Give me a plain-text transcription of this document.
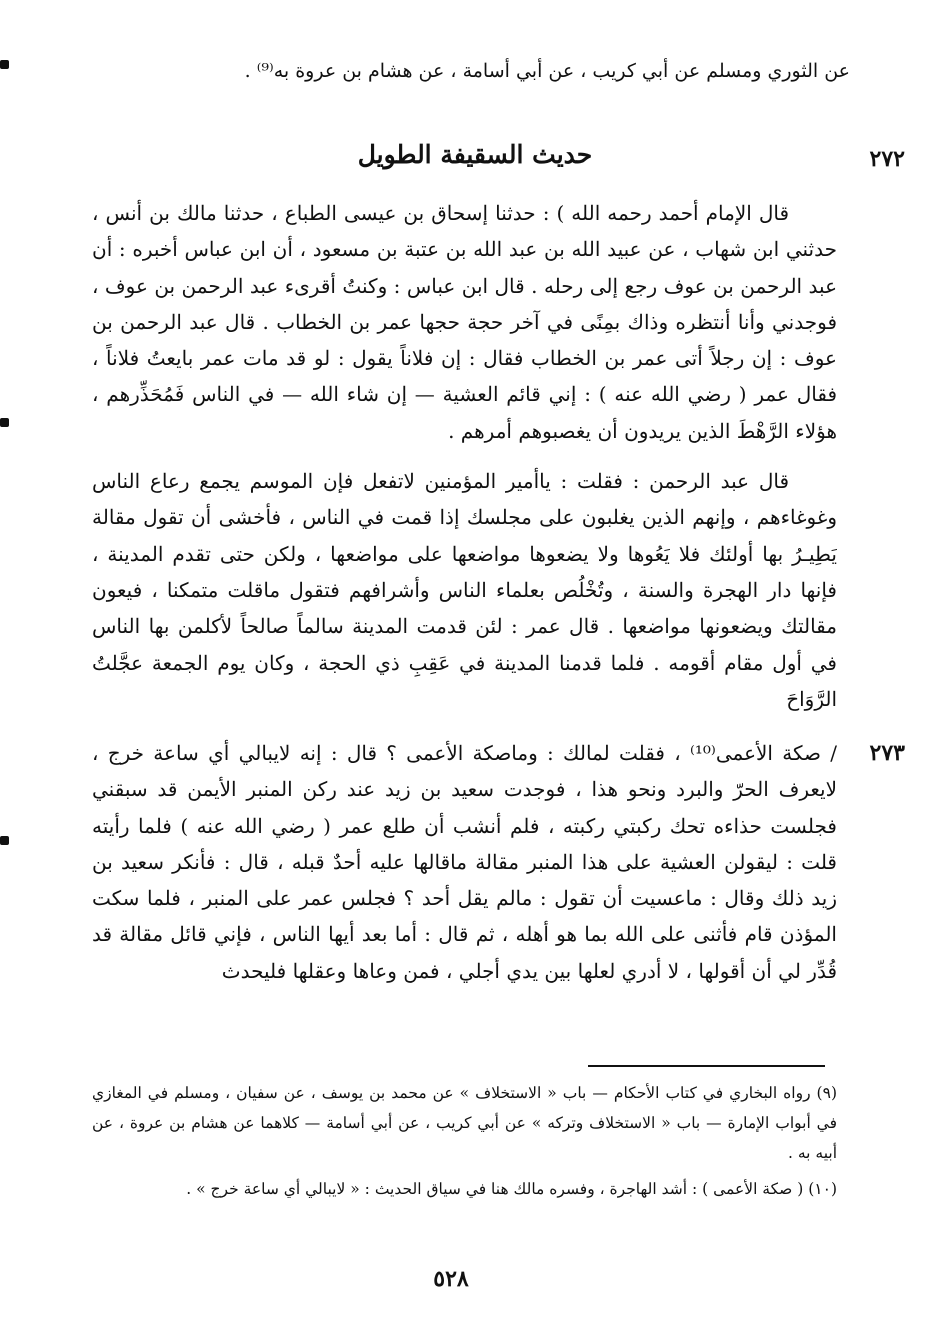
عن الثوري ومسلم عن أبي كريب ، عن أبي أسامة ، عن هشام بن عروة به⁽⁹⁾ .
٢٧٢
حديث السقيفة الطويل

قال الإمام أحمد رحمه الله ) : حدثنا إسحاق بن عيسى الطباع ، حدثنا مالك بن أنس ، حدثني ابن شهاب ، عن عبيد الله بن عبد الله بن عتبة بن مسعود ، أن ابن عباس أخبره : أن عبد الرحمن بن عوف رجع إلى رحله . قال ابن عباس : وكنتُ أقرىء عبد الرحمن بن عوف ، فوجدني وأنا أنتظره وذاك بمِنًى في آخر حجة حجها عمر بن الخطاب . قال عبد الرحمن بن عوف : إن رجلاً أتى عمر بن الخطاب فقال : إن فلاناً يقول : لو قد مات عمر بايعتُ فلاناً ، فقال عمر ( رضي الله عنه ) : إني قائم العشية — إن شاء الله — في الناس فَمُحَذِّرهم ، هؤلاء الرَّهْطَ الذين يريدون أن يغصبوهم أمرهم .

قال عبد الرحمن : فقلت : ياأمير المؤمنين لاتفعل فإن الموسم يجمع رعاع الناس وغوغاءهم ، وإنهم الذين يغلبون على مجلسك إذا قمت في الناس ، فأخشى أن تقول مقالة يَطِيـرُ بها أولئك فلا يَعُوها ولا يضعوها مواضعها على مواضعها ، ولكن حتى تقدم المدينة ، فإنها دار الهجرة والسنة ، وتُخْلُص بعلماء الناس وأشرافهم فتقول ماقلت متمكنا ، فيعون مقالتك ويضعونها مواضعها . قال عمر : لئن قدمت المدينة سالماً صالحاً لأكلمن بها الناس في أول مقام أقومه . فلما قدمنا المدينة في عَقِبِ ذي الحجة ، وكان يوم الجمعة عجَّلتُ الرَّوَاحَ

٢٧٣

/ صكة الأعمى⁽¹⁰⁾ ، فقلت لمالك : وماصكة الأعمى ؟ قال : إنه لايبالي أي ساعة خرج ، لايعرف الحرّ والبرد ونحو هذا ، فوجدت سعيد بن زيد عند ركن المنبر الأيمن قد سبقني فجلست حذاءه تحك ركبتي ركبته ، فلم أنشب أن طلع عمر ( رضي الله عنه ) فلما رأيته قلت : ليقولن العشية على هذا المنبر مقالة ماقالها عليه أحدٌ قبله ، قال : فأنكر سعيد بن زيد ذلك وقال : ماعسيت أن تقول : مالم يقل أحد ؟ فجلس عمر على المنبر ، فلما سكت المؤذن قام فأثنى على الله بما هو أهله ، ثم قال : أما بعد أيها الناس ، فإني قائل مقالة قد قُدِّر لي أن أقولها ، لا أدري لعلها بين يدي أجلي ، فمن وعاها وعقلها فليحدث

(٩) رواه البخاري في كتاب الأحكام — باب « الاستخلاف » عن محمد بن يوسف ، عن سفيان ، ومسلم في المغازي في أبواب الإمارة — باب « الاستخلاف وتركه » عن أبي كريب ، عن أبي أسامة — كلاهما عن هشام بن عروة ، عن أبيه به .

(١٠) ( صكة الأعمى ) : أشد الهاجرة ، وفسره مالك هنا في سياق الحديث : « لايبالي أي ساعة خرج » .

٥٢٨
